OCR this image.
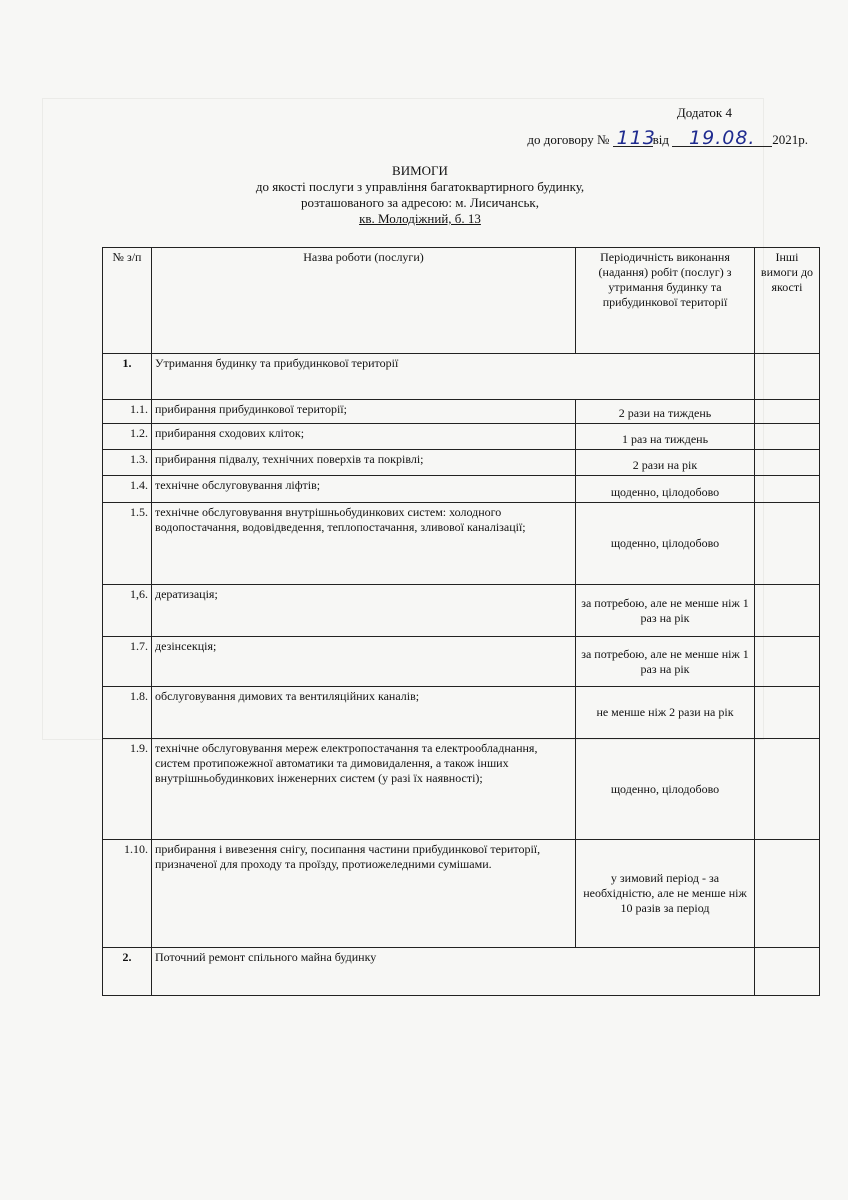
Додаток 4
до договору № 113від 19.08. 2021р.
ВИМОГИ
до якості послуги з управління багатоквартирного будинку,
розташованого за адресою: м. Лисичанськ,
кв. Молодіжний, б. 13
№ з/п	Назва роботи (послуги)	Періодичність виконання (надання) робіт (послуг) з утримання будинку та прибудинкової території	Інші вимоги до якості
1.	Утримання будинку та прибудинкової території		
1.1.	прибирання прибудинкової території;	2 рази на тиждень	
1.2.	прибирання сходових кліток;	1 раз на тиждень	
1.3.	прибирання підвалу, технічних поверхів та покрівлі;	2 рази на рік	
1.4.	технічне обслуговування ліфтів;	щоденно, цілодобово	
1.5.	технічне обслуговування внутрішньобудинкових систем: холодного водопостачання, водовідведення, теплопостачання, зливової каналізації;	щоденно, цілодобово	
1,6.	дератизація;	за потребою, але не менше ніж 1 раз на рік	
1.7.	дезінсекція;	за потребою, але не менше ніж 1 раз на рік	
1.8.	обслуговування димових та вентиляційних каналів;	не менше ніж 2 рази на рік	
1.9.	технічне обслуговування мереж електропостачання та електрообладнання, систем протипожежної автоматики та димовидалення, а також інших внутрішньобудинкових інженерних систем (у разі їх наявності);	щоденно, цілодобово	
1.10.	прибирання і вивезення снігу, посипання частини прибудинкової території, призначеної для проходу та проїзду, протиожеледними сумішами.	у зимовий період - за необхідністю, але не менше ніж 10 разів за період	
2.	Поточний ремонт спільного майна будинку		
